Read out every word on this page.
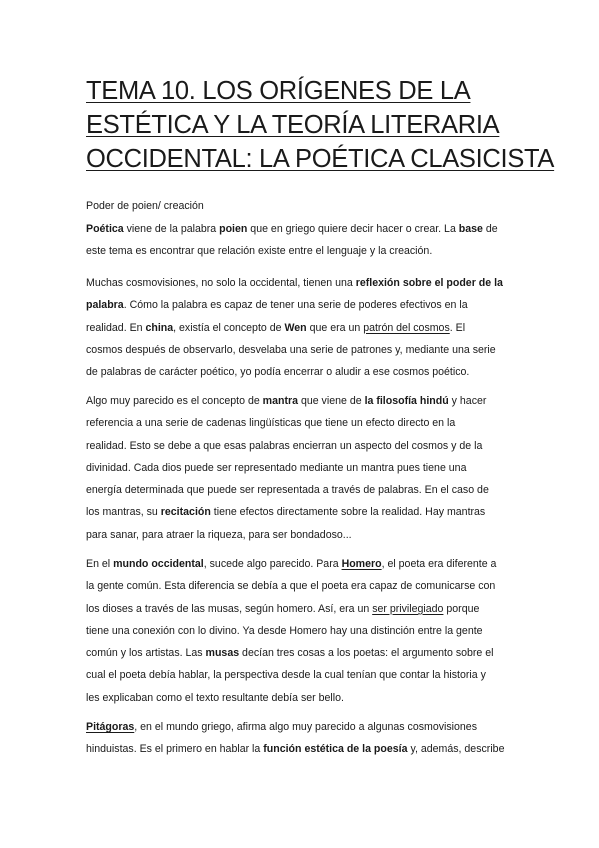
TEMA 10. LOS ORÍGENES DE LA
ESTÉTICA Y LA TEORÍA LITERARIA
OCCIDENTAL: LA POÉTICA CLASICISTA
Poder de poien/ creación
Poética viene de la palabra poien que en griego quiere decir hacer o crear. La base de
este tema es encontrar que relación existe entre el lenguaje y la creación.
Muchas cosmovisiones, no solo la occidental, tienen una reflexión sobre el poder de la
palabra. Cómo la palabra es capaz de tener una serie de poderes efectivos en la
realidad. En china, existía el concepto de Wen que era un patrón del cosmos. El
cosmos después de observarlo, desvelaba una serie de patrones y, mediante una serie
de palabras de carácter poético, yo podía encerrar o aludir a ese cosmos poético.
Algo muy parecido es el concepto de mantra que viene de la filosofía hindú y hacer
referencia a una serie de cadenas lingüísticas que tiene un efecto directo en la
realidad. Esto se debe a que esas palabras encierran un aspecto del cosmos y de la
divinidad. Cada dios puede ser representado mediante un mantra pues tiene una
energía determinada que puede ser representada a través de palabras. En el caso de
los mantras, su recitación tiene efectos directamente sobre la realidad. Hay mantras
para sanar, para atraer la riqueza, para ser bondadoso...
En el mundo occidental, sucede algo parecido. Para Homero, el poeta era diferente a
la gente común. Esta diferencia se debía a que el poeta era capaz de comunicarse con
los dioses a través de las musas, según homero. Así, era un ser privilegiado porque
tiene una conexión con lo divino. Ya desde Homero hay una distinción entre la gente
común y los artistas. Las musas decían tres cosas a los poetas: el argumento sobre el
cual el poeta debía hablar, la perspectiva desde la cual tenían que contar la historia y
les explicaban como el texto resultante debía ser bello.
Pitágoras, en el mundo griego, afirma algo muy parecido a algunas cosmovisiones
hinduistas. Es el primero en hablar la función estética de la poesía y, además, describe
